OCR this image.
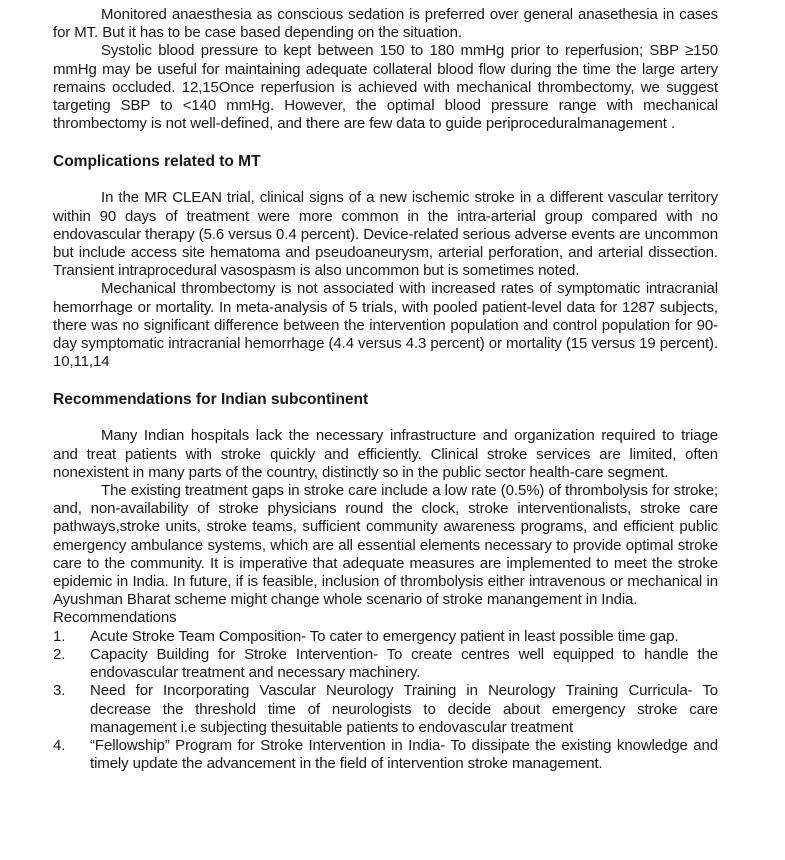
Monitored anaesthesia as conscious sedation is preferred over general anasethesia in cases for MT. But it has to be case based depending on the situation.

Systolic blood pressure to kept between 150 to 180 mmHg prior to reperfusion; SBP ≥150 mmHg may be useful for maintaining adequate collateral blood flow during the time the large artery remains occluded. 12,15Once reperfusion is achieved with mechanical thrombectomy, we suggest targeting SBP to <140 mmHg. However, the optimal blood pressure range with mechanical thrombectomy is not well-defined, and there are few data to guide periproceduralmanagement .

Complications related to MT

In the MR CLEAN trial, clinical signs of a new ischemic stroke in a different vascular territory within 90 days of treatment were more common in the intra-arterial group compared with no endovascular therapy (5.6 versus 0.4 percent). Device-related serious adverse events are uncommon but include access site hematoma and pseudoaneurysm, arterial perforation, and arterial dissection. Transient intraprocedural vasospasm is also uncommon but is sometimes noted.

Mechanical thrombectomy is not associated with increased rates of symptomatic intracranial hemorrhage or mortality. In meta-analysis of 5 trials, with pooled patient-level data for 1287 subjects, there was no significant difference between the intervention population and control population for 90-day symptomatic intracranial hemorrhage (4.4 versus 4.3 percent) or mortality (15 versus 19 percent). 10,11,14

Recommendations for Indian subcontinent

Many Indian hospitals lack the necessary infrastructure and organization required to triage and treat patients with stroke quickly and efficiently. Clinical stroke services are limited, often nonexistent in many parts of the country, distinctly so in the public sector health-care segment.

The existing treatment gaps in stroke care include a low rate (0.5%) of thrombolysis for stroke; and, non-availability of stroke physicians round the clock, stroke interventionalists, stroke care pathways,stroke units, stroke teams, sufficient community awareness programs, and efficient public emergency ambulance systems, which are all essential elements necessary to provide optimal stroke care to the community. It is imperative that adequate measures are implemented to meet the stroke epidemic in India. In future, if is feasible, inclusion of thrombolysis either intravenous or mechanical in Ayushman Bharat scheme might change whole scenario of stroke manangement in India.

Recommendations

1. Acute Stroke Team Composition- To cater to emergency patient in least possible time gap.
2. Capacity Building for Stroke Intervention- To create centres well equipped to handle the endovascular treatment and necessary machinery.
3. Need for Incorporating Vascular Neurology Training in Neurology Training Curricula- To decrease the threshold time of neurologists to decide about emergency stroke care management i.e subjecting thesuitable patients to endovascular treatment
4. “Fellowship” Program for Stroke Intervention in India- To dissipate the existing knowledge and timely update the advancement in the field of intervention stroke management.
